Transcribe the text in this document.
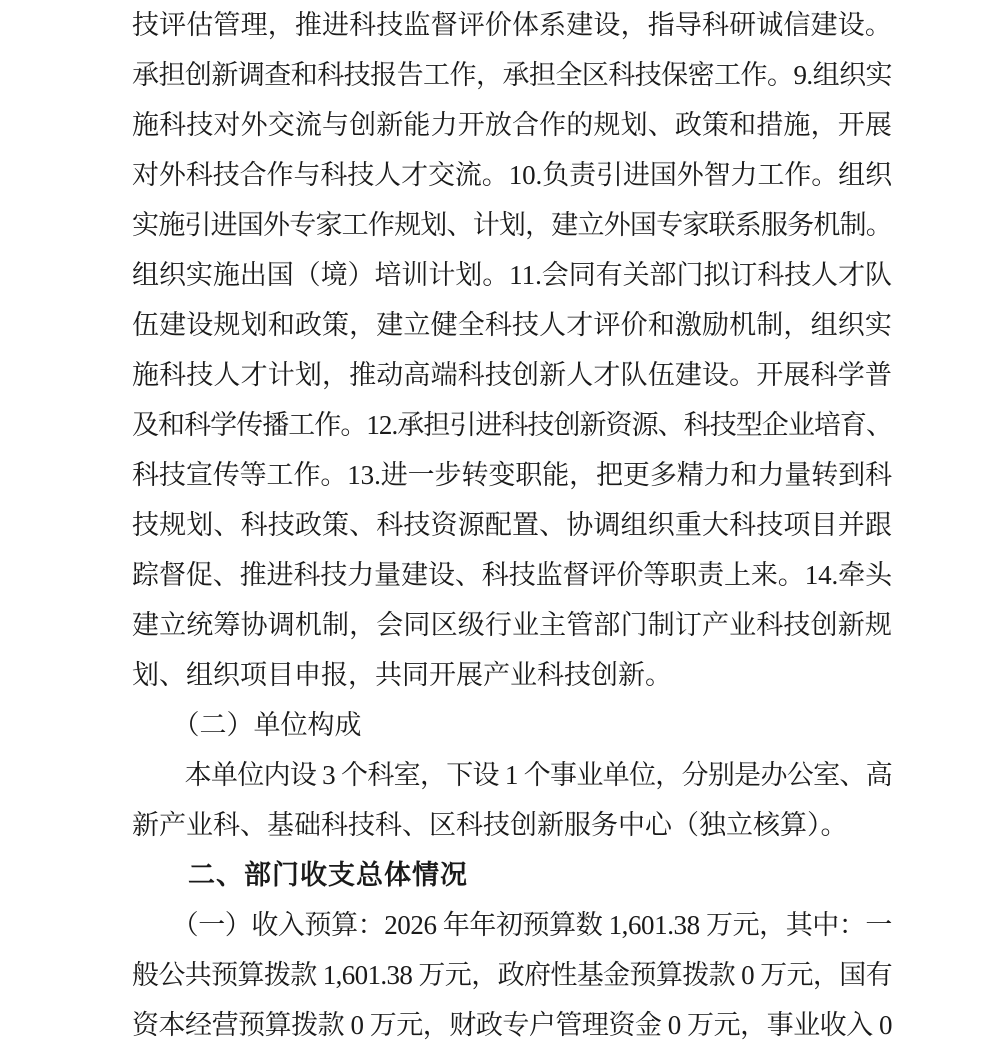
技评估管理，推进科技监督评价体系建设，指导科研诚信建设。
承担创新调查和科技报告工作，承担全区科技保密工作。9.组织实
施科技对外交流与创新能力开放合作的规划、政策和措施，开展
对外科技合作与科技人才交流。10.负责引进国外智力工作。组织
实施引进国外专家工作规划、计划，建立外国专家联系服务机制。
组织实施出国（境）培训计划。11.会同有关部门拟订科技人才队
伍建设规划和政策，建立健全科技人才评价和激励机制，组织实
施科技人才计划，推动高端科技创新人才队伍建设。开展科学普
及和科学传播工作。12.承担引进科技创新资源、科技型企业培育、
科技宣传等工作。13.进一步转变职能，把更多精力和力量转到科
技规划、科技政策、科技资源配置、协调组织重大科技项目并跟
踪督促、推进科技力量建设、科技监督评价等职责上来。14.牵头
建立统筹协调机制，会同区级行业主管部门制订产业科技创新规
划、组织项目申报，共同开展产业科技创新。
　　（二）单位构成
　　本单位内设 3 个科室，下设 1 个事业单位，分别是办公室、高
新产业科、基础科技科、区科技创新服务中心（独立核算）。
　　二、部门收支总体情况
　　（一）收入预算：2026 年年初预算数 1,601.38 万元，其中：一
般公共预算拨款 1,601.38 万元，政府性基金预算拨款 0 万元，国有
资本经营预算拨款 0 万元，财政专户管理资金 0 万元，事业收入 0
